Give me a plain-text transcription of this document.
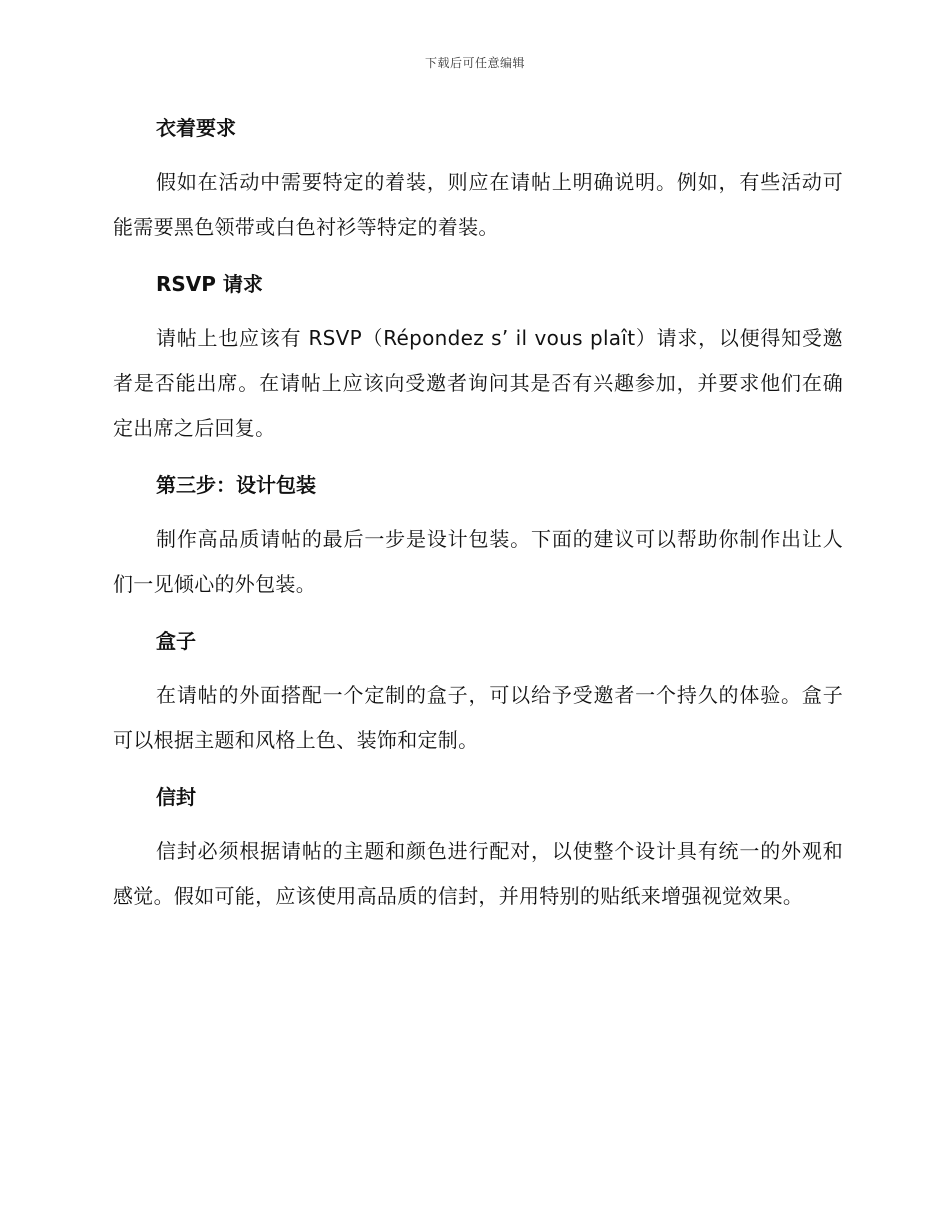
下载后可任意编辑
衣着要求

假如在活动中需要特定的着装，则应在请帖上明确说明。例如，有些活动可能需要黑色领带或白色衬衫等特定的着装。

RSVP 请求

请帖上也应该有 RSVP（Répondez s’ il vous plaît）请求，以便得知受邀者是否能出席。在请帖上应该向受邀者询问其是否有兴趣参加，并要求他们在确定出席之后回复。

第三步：设计包装

制作高品质请帖的最后一步是设计包装。下面的建议可以帮助你制作出让人们一见倾心的外包装。

盒子

在请帖的外面搭配一个定制的盒子，可以给予受邀者一个持久的体验。盒子可以根据主题和风格上色、装饰和定制。

信封

信封必须根据请帖的主题和颜色进行配对，以使整个设计具有统一的外观和感觉。假如可能，应该使用高品质的信封，并用特别的贴纸来增强视觉效果。
